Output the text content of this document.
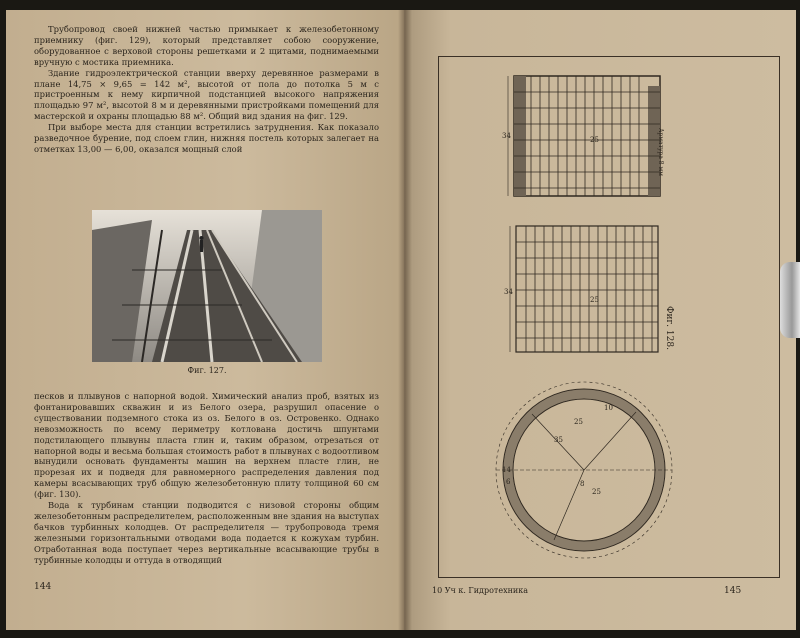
Трубопровод своей нижней частью примыкает к железобетонному приемнику (фиг. 129), который представляет собою сооружение, оборудованное с верховой стороны решетками и 2 щитами, поднимаемыми вручную с мостика приемника.

Здание гидроэлектрической станции вверху деревянное размерами в плане 14,75 × 9,65 = 142 м², высотой от пола до потолка 5 м с пристроенным к нему кирпичной подстанцией высокого напряжения площадью 97 м², высотой 8 м и деревянными пристройками помещений для мастерской и охраны площадью 88 м². Общий вид здания на фиг. 129.

При выборе места для станции встретились затруднения. Как показало разведочное бурение, под слоем глин, нижняя постель которых залегает на отметках 13,00 — 6,00, оказался мощный слой

Фиг. 127.

песков и плывунов с напорной водой. Химический анализ проб, взятых из фонтанировавших скважин и из Белого озера, разрушил опасение о существовании подземного стока из оз. Белого в оз. Островенко. Однако невозможность по всему периметру котлована достичь шпунтами подстилающего плывуны пласта глин и, таким образом, отрезаться от напорной воды и весьма большая стоимость работ в плывунах с водоотливом вынудили основать фундаменты машин на верхнем пласте глин, не прорезая их и подведя для равномерного распределения давления под камеры всасывающих труб общую железобетонную плиту толщиной 60 см (фиг. 130).

Вода к турбинам станции подводится с низовой стороны общим железобетонным распределителем, расположенным вне здания на выступах бачков турбинных колодцев. От распределителя — трубопровода тремя железными горизонтальными отводами вода подается к кожухам турбин. Отработанная вода поступает через вертикальные всасывающие трубы в турбинные колодцы и оттуда в отводящий

144
34	25
34
25
35
10
25
8
25
14
6
Арматура 8 мм
Фиг. 128.
10 Уч к. Гидротехника	145
